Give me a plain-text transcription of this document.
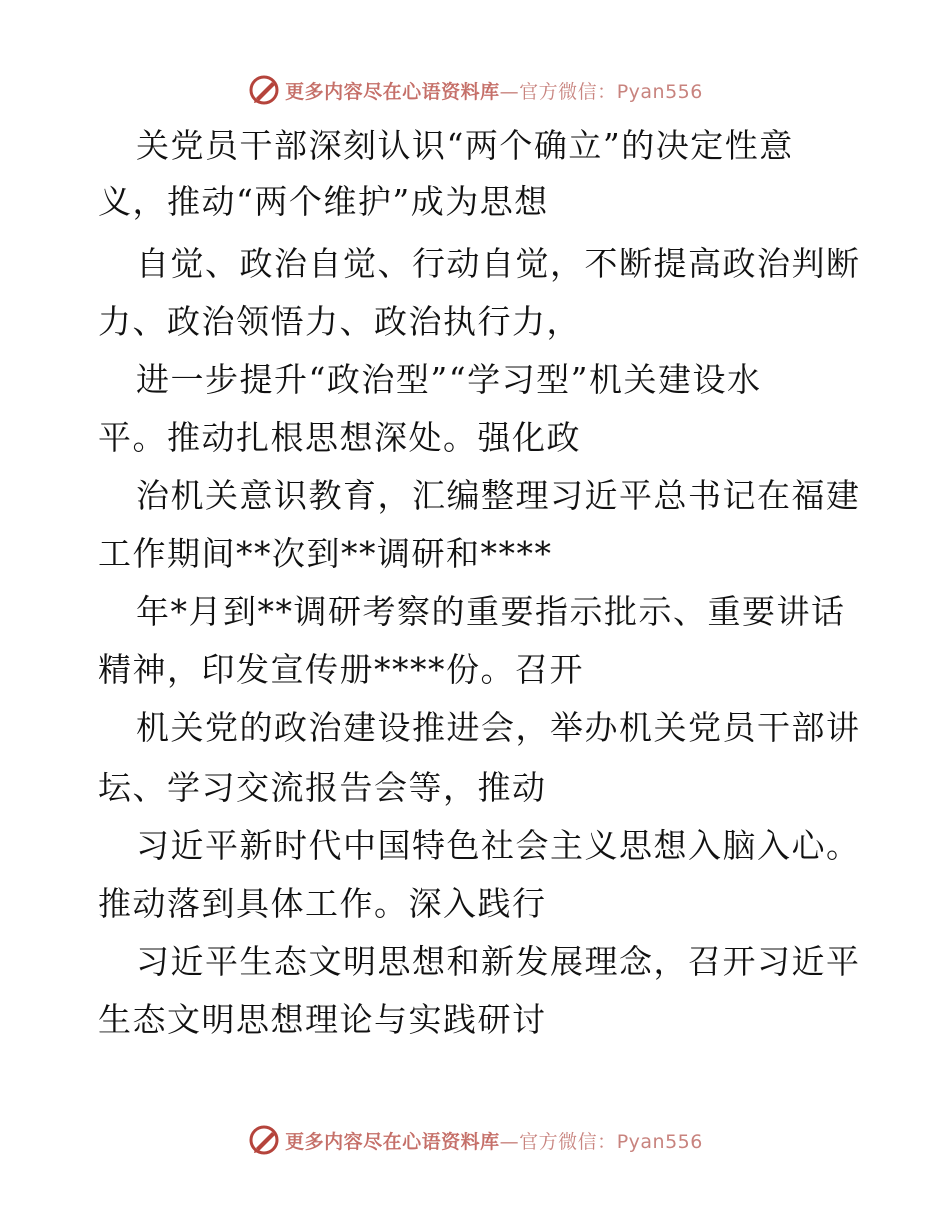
更多内容尽在心语资料库—官方微信：Pyan556
关党员干部深刻认识“两个确立”的决定性意
义，推动“两个维护”成为思想
自觉、政治自觉、行动自觉，不断提高政治判断
力、政治领悟力、政治执行力，
进一步提升“政治型”“学习型”机关建设水
平。推动扎根思想深处。强化政
治机关意识教育，汇编整理习近平总书记在福建
工作期间**次到**调研和****
年*月到**调研考察的重要指示批示、重要讲话
精神，印发宣传册****份。召开
机关党的政治建设推进会，举办机关党员干部讲
坛、学习交流报告会等，推动
习近平新时代中国特色社会主义思想入脑入心。
推动落到具体工作。深入践行
习近平生态文明思想和新发展理念，召开习近平
生态文明思想理论与实践研讨
更多内容尽在心语资料库—官方微信：Pyan556
